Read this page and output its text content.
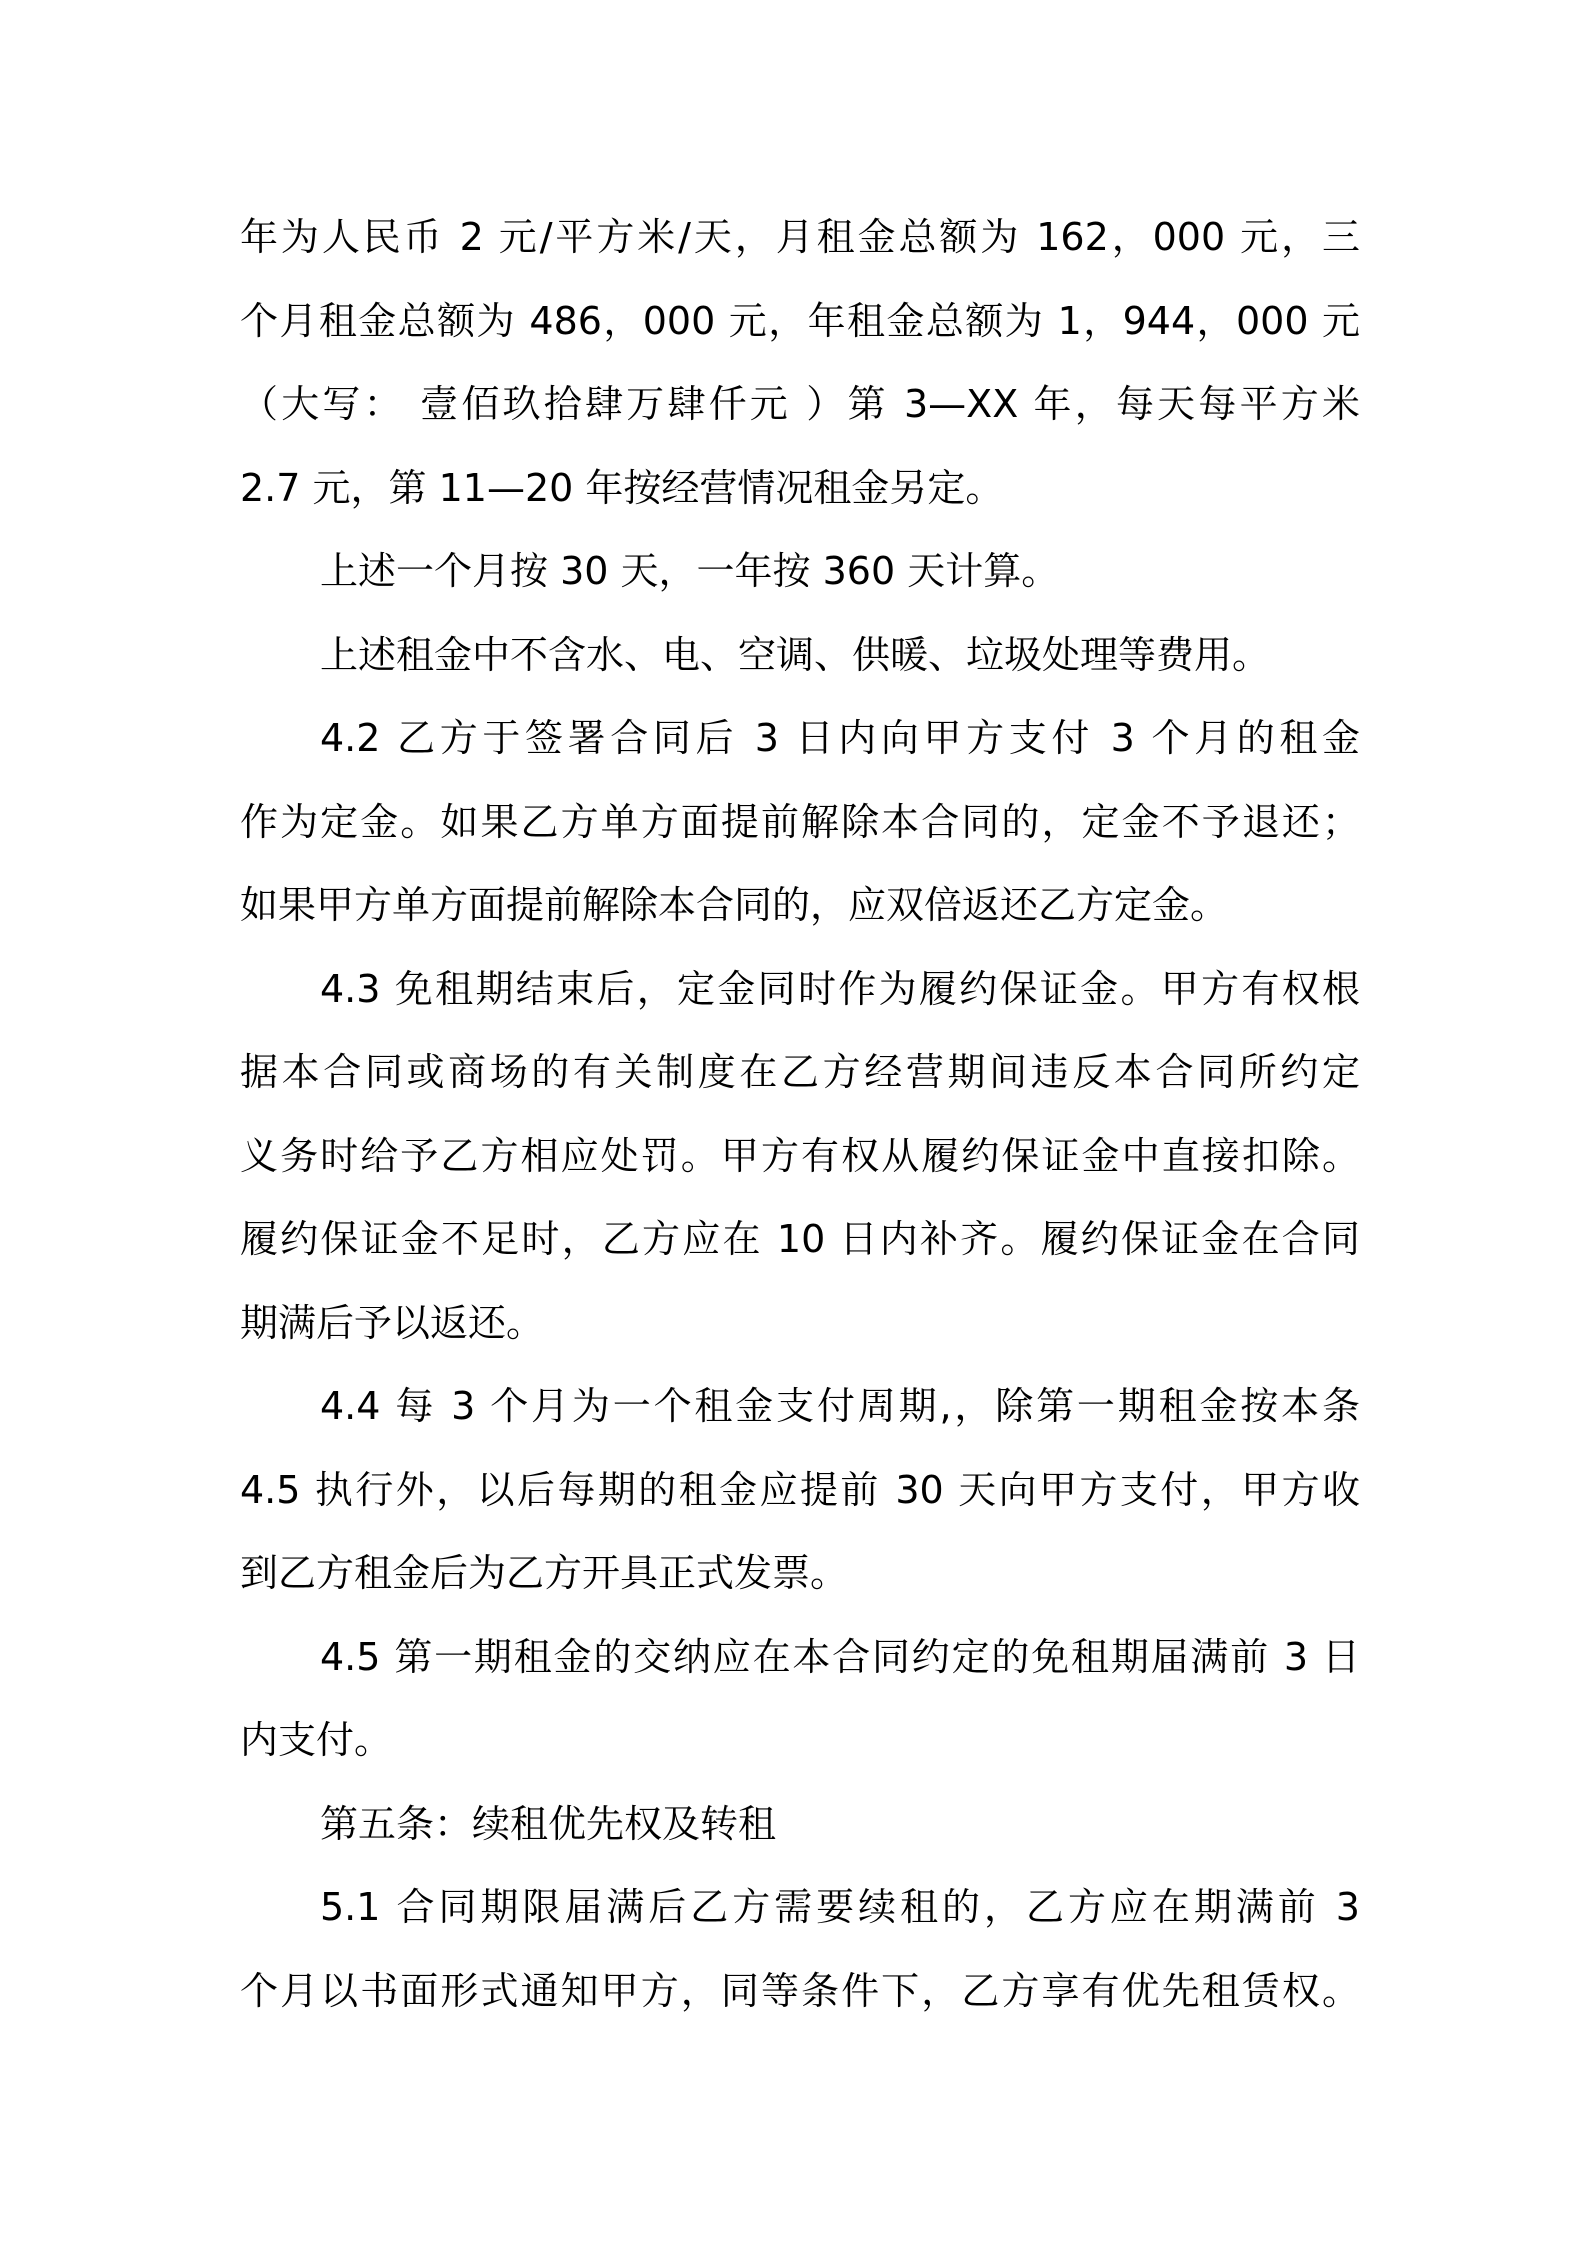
年为人民币 2 元/平方米/天，月租金总额为 162，000 元，三
个月租金总额为 486，000 元，年租金总额为 1，944，000 元
（大写： 壹佰玖拾肆万肆仟元 ）第 3—XX 年，每天每平方米
2.7 元，第 11—20 年按经营情况租金另定。
上述一个月按 30 天，一年按 360 天计算。
上述租金中不含水、电、空调、供暖、垃圾处理等费用。
4.2 乙方于签署合同后 3 日内向甲方支付 3 个月的租金
作为定金。如果乙方单方面提前解除本合同的，定金不予退还；
如果甲方单方面提前解除本合同的，应双倍返还乙方定金。
4.3 免租期结束后，定金同时作为履约保证金。甲方有权根
据本合同或商场的有关制度在乙方经营期间违反本合同所约定
义务时给予乙方相应处罚。甲方有权从履约保证金中直接扣除。
履约保证金不足时，乙方应在 10 日内补齐。履约保证金在合同
期满后予以返还。
4.4 每 3 个月为一个租金支付周期,，除第一期租金按本条
4.5 执行外，以后每期的租金应提前 30 天向甲方支付，甲方收
到乙方租金后为乙方开具正式发票。
4.5 第一期租金的交纳应在本合同约定的免租期届满前 3 日
内支付。
第五条：续租优先权及转租
5.1 合同期限届满后乙方需要续租的，乙方应在期满前 3
个月以书面形式通知甲方，同等条件下，乙方享有优先租赁权。
